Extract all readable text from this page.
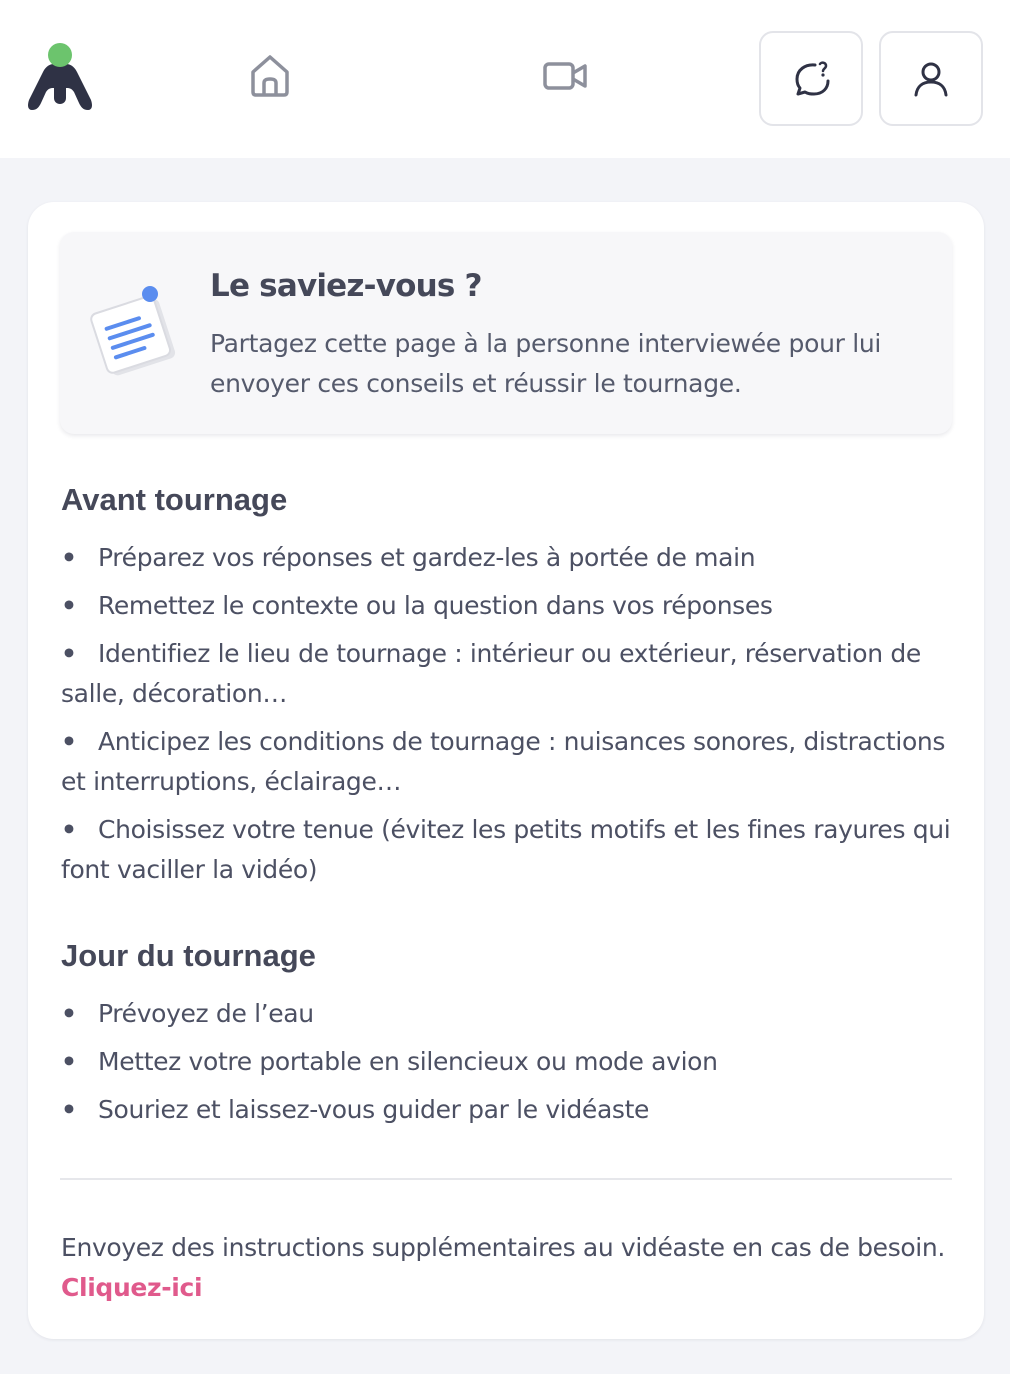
Le saviez-vous ?

Partagez cette page à la personne interviewée pour lui envoyer ces conseils et réussir le tournage.

Avant tournage
• Préparez vos réponses et gardez-les à portée de main
• Remettez le contexte ou la question dans vos réponses
• Identifiez le lieu de tournage : intérieur ou extérieur, réservation de salle, décoration…
• Anticipez les conditions de tournage : nuisances sonores, distractions et interruptions, éclairage…
• Choisissez votre tenue (évitez les petits motifs et les fines rayures qui font vaciller la vidéo)
Jour du tournage
• Prévoyez de l’eau
• Mettez votre portable en silencieux ou mode avion
• Souriez et laissez-vous guider par le vidéaste

Envoyez des instructions supplémentaires au vidéaste en cas de besoin. Cliquez-ici
